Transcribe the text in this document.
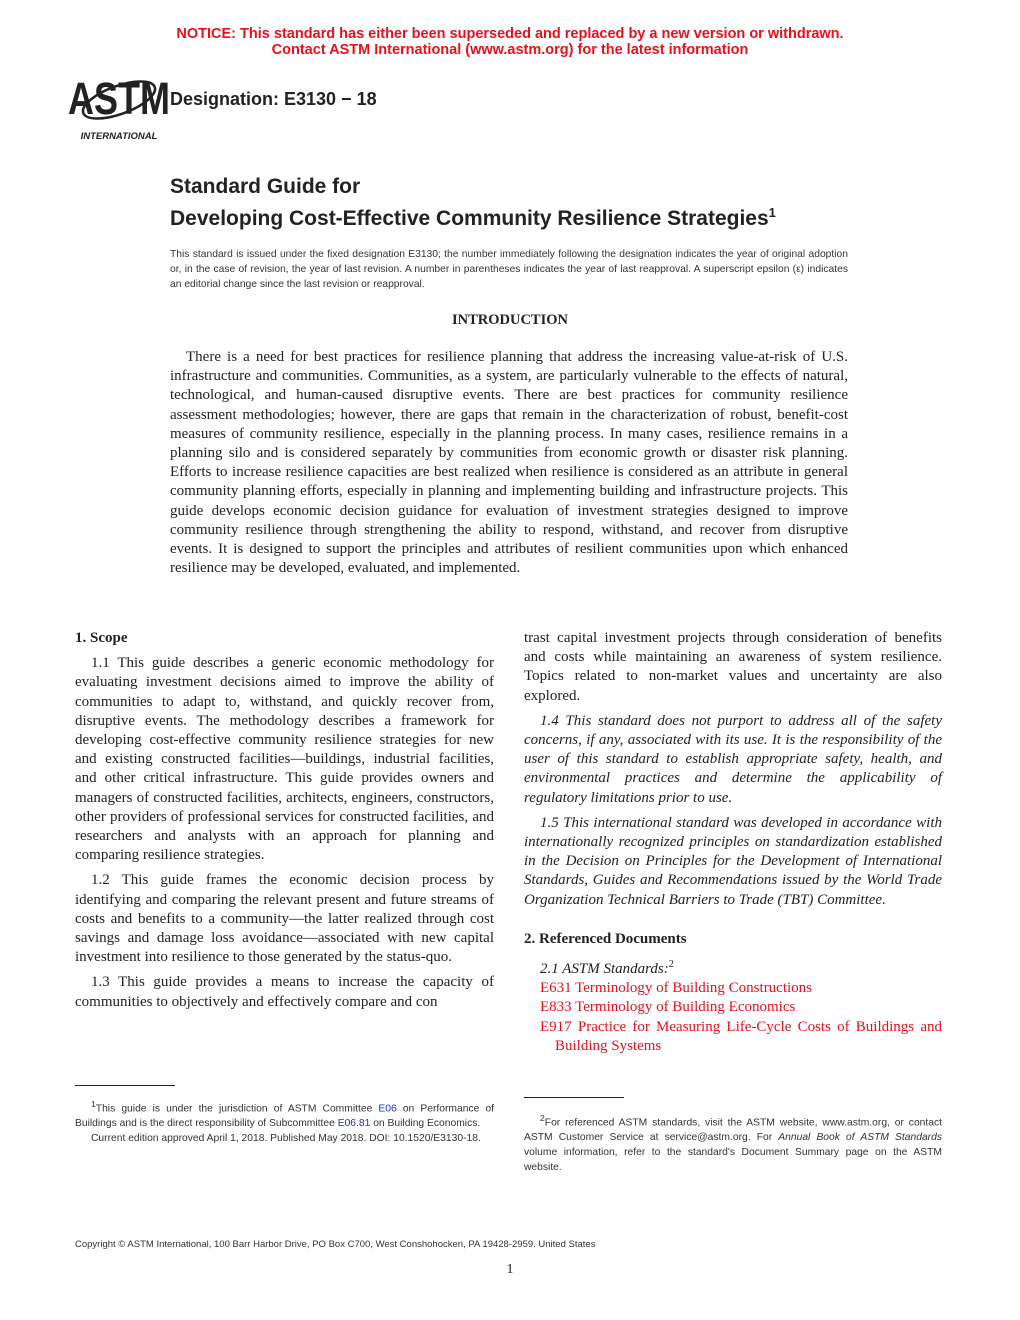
NOTICE: This standard has either been superseded and replaced by a new version or withdrawn.
Contact ASTM International (www.astm.org) for the latest information
ASTM
INTERNATIONAL
Designation: E3130 − 18
Standard Guide for
Developing Cost-Effective Community Resilience Strategies$^1$
This standard is issued under the fixed designation E3130; the number immediately following the designation indicates the year of original adoption or, in the case of revision, the year of last revision. A number in parentheses indicates the year of last reapproval. A superscript epsilon (ε) indicates an editorial change since the last revision or reapproval.
INTRODUCTION
There is a need for best practices for resilience planning that address the increasing value-at-risk of U.S. infrastructure and communities. Communities, as a system, are particularly vulnerable to the effects of natural, technological, and human-caused disruptive events. There are best practices for community resilience assessment methodologies; however, there are gaps that remain in the characterization of robust, benefit-cost measures of community resilience, especially in the planning process. In many cases, resilience remains in a planning silo and is considered separately by communities from economic growth or disaster risk planning. Efforts to increase resilience capacities are best realized when resilience is considered as an attribute in general community planning efforts, especially in planning and implementing building and infrastructure projects. This guide develops economic decision guidance for evaluation of investment strategies designed to improve community resilience through strengthening the ability to respond, withstand, and recover from disruptive events. It is designed to support the principles and attributes of resilient communities upon which enhanced resilience may be developed, evaluated, and implemented.
1. Scope

1.1 This guide describes a generic economic methodology for evaluating investment decisions aimed to improve the ability of communities to adapt to, withstand, and quickly recover from, disruptive events. The methodology describes a framework for developing cost-effective community resilience strategies for new and existing constructed facilities—buildings, industrial facilities, and other critical infrastructure. This guide provides owners and managers of constructed facilities, architects, engineers, constructors, other providers of professional services for constructed facilities, and researchers and analysts with an approach for planning and comparing resilience strategies.

1.2 This guide frames the economic decision process by identifying and comparing the relevant present and future streams of costs and benefits to a community—the latter realized through cost savings and damage loss avoidance—associated with new capital investment into resilience to those generated by the status-quo.

1.3 This guide provides a means to increase the capacity of communities to objectively and effectively compare and con

trast capital investment projects through consideration of benefits and costs while maintaining an awareness of system resilience. Topics related to non-market values and uncertainty are also explored.

1.4 This standard does not purport to address all of the safety concerns, if any, associated with its use. It is the responsibility of the user of this standard to establish appropriate safety, health, and environmental practices and determine the applicability of regulatory limitations prior to use.

1.5 This international standard was developed in accordance with internationally recognized principles on standardization established in the Decision on Principles for the Development of International Standards, Guides and Recommendations issued by the World Trade Organization Technical Barriers to Trade (TBT) Committee.

2. Referenced Documents

2.1 ASTM Standards:$^2$

E631 Terminology of Building Constructions
E833 Terminology of Building Economics
E917 Practice for Measuring Life-Cycle Costs of Buildings and Building Systems

$^1$This guide is under the jurisdiction of ASTM Committee E06 on Performance of Buildings and is the direct responsibility of Subcommittee E06.81 on Building Economics.

Current edition approved April 1, 2018. Published May 2018. DOI: 10.1520/E3130-18.

$^2$For referenced ASTM standards, visit the ASTM website, www.astm.org, or contact ASTM Customer Service at service@astm.org. For Annual Book of ASTM Standards volume information, refer to the standard's Document Summary page on the ASTM website.

Copyright © ASTM International, 100 Barr Harbor Drive, PO Box C700, West Conshohocken, PA 19428-2959. United States
1
